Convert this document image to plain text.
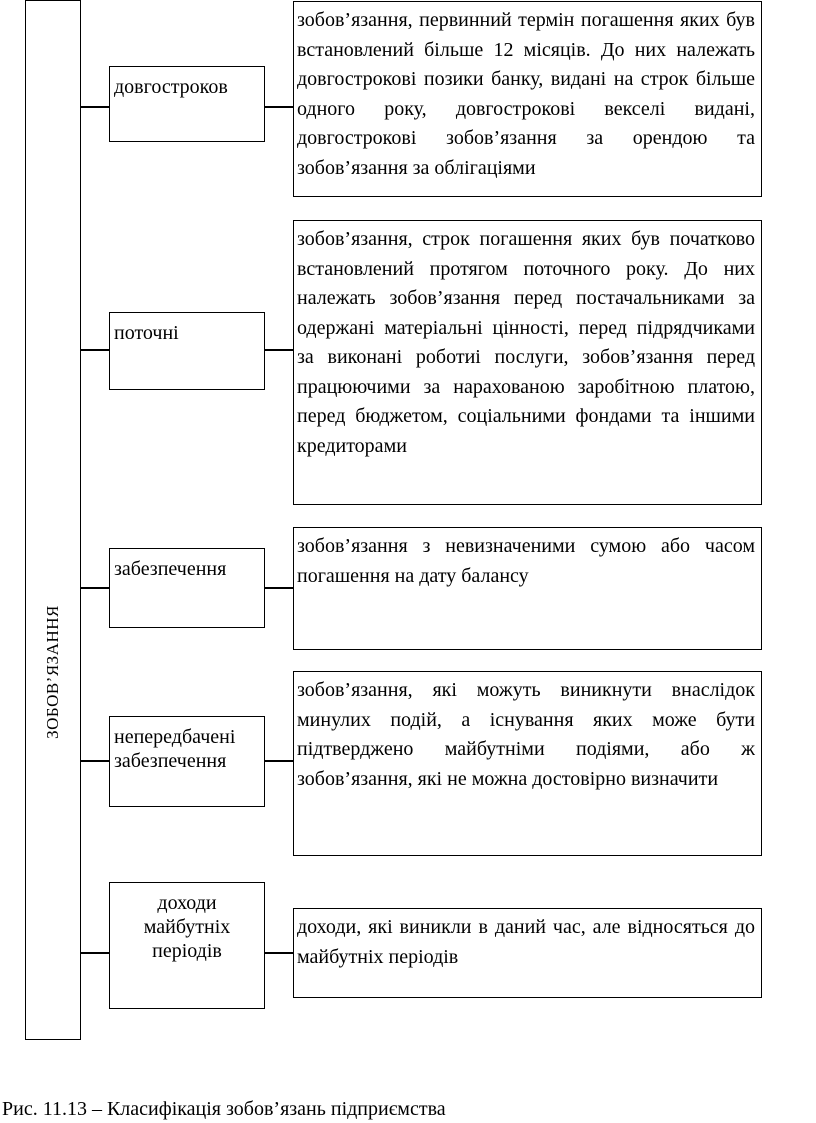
ЗОБОВ’ЯЗАННЯ
довгостроков
зобов’язання, первинний термін погашення яких був встановлений більше 12 місяців. До них належать довгострокові позики банку, видані на строк більше одного року, довгострокові векселі видані, довгострокові зобов’язання за орендою та зобов’язання за облігаціями
поточні
зобов’язання, строк погашення яких був початково встановлений протягом поточного року. До них належать зобов’язання перед постачальниками за одержані матеріальні цінності, перед підрядчиками за виконані роботиі послуги, зобов’язання перед працюючими за нарахованою заробітною платою, перед бюджетом, соціальними фондами та іншими кредиторами
забезпечення
зобов’язання з невизначеними сумою або часом погашення на дату балансу
непередбачені забезпечення
зобов’язання, які можуть виникнути внаслідок минулих подій, а існування яких може бути підтверджено майбутніми подіями, або ж зобов’язання, які не можна достовірно визначити
доходи майбутніх періодів
доходи, які виникли в даний час, але відносяться до майбутніх періодів
Рис. 11.13 – Класифікація зобов’язань підприємства
